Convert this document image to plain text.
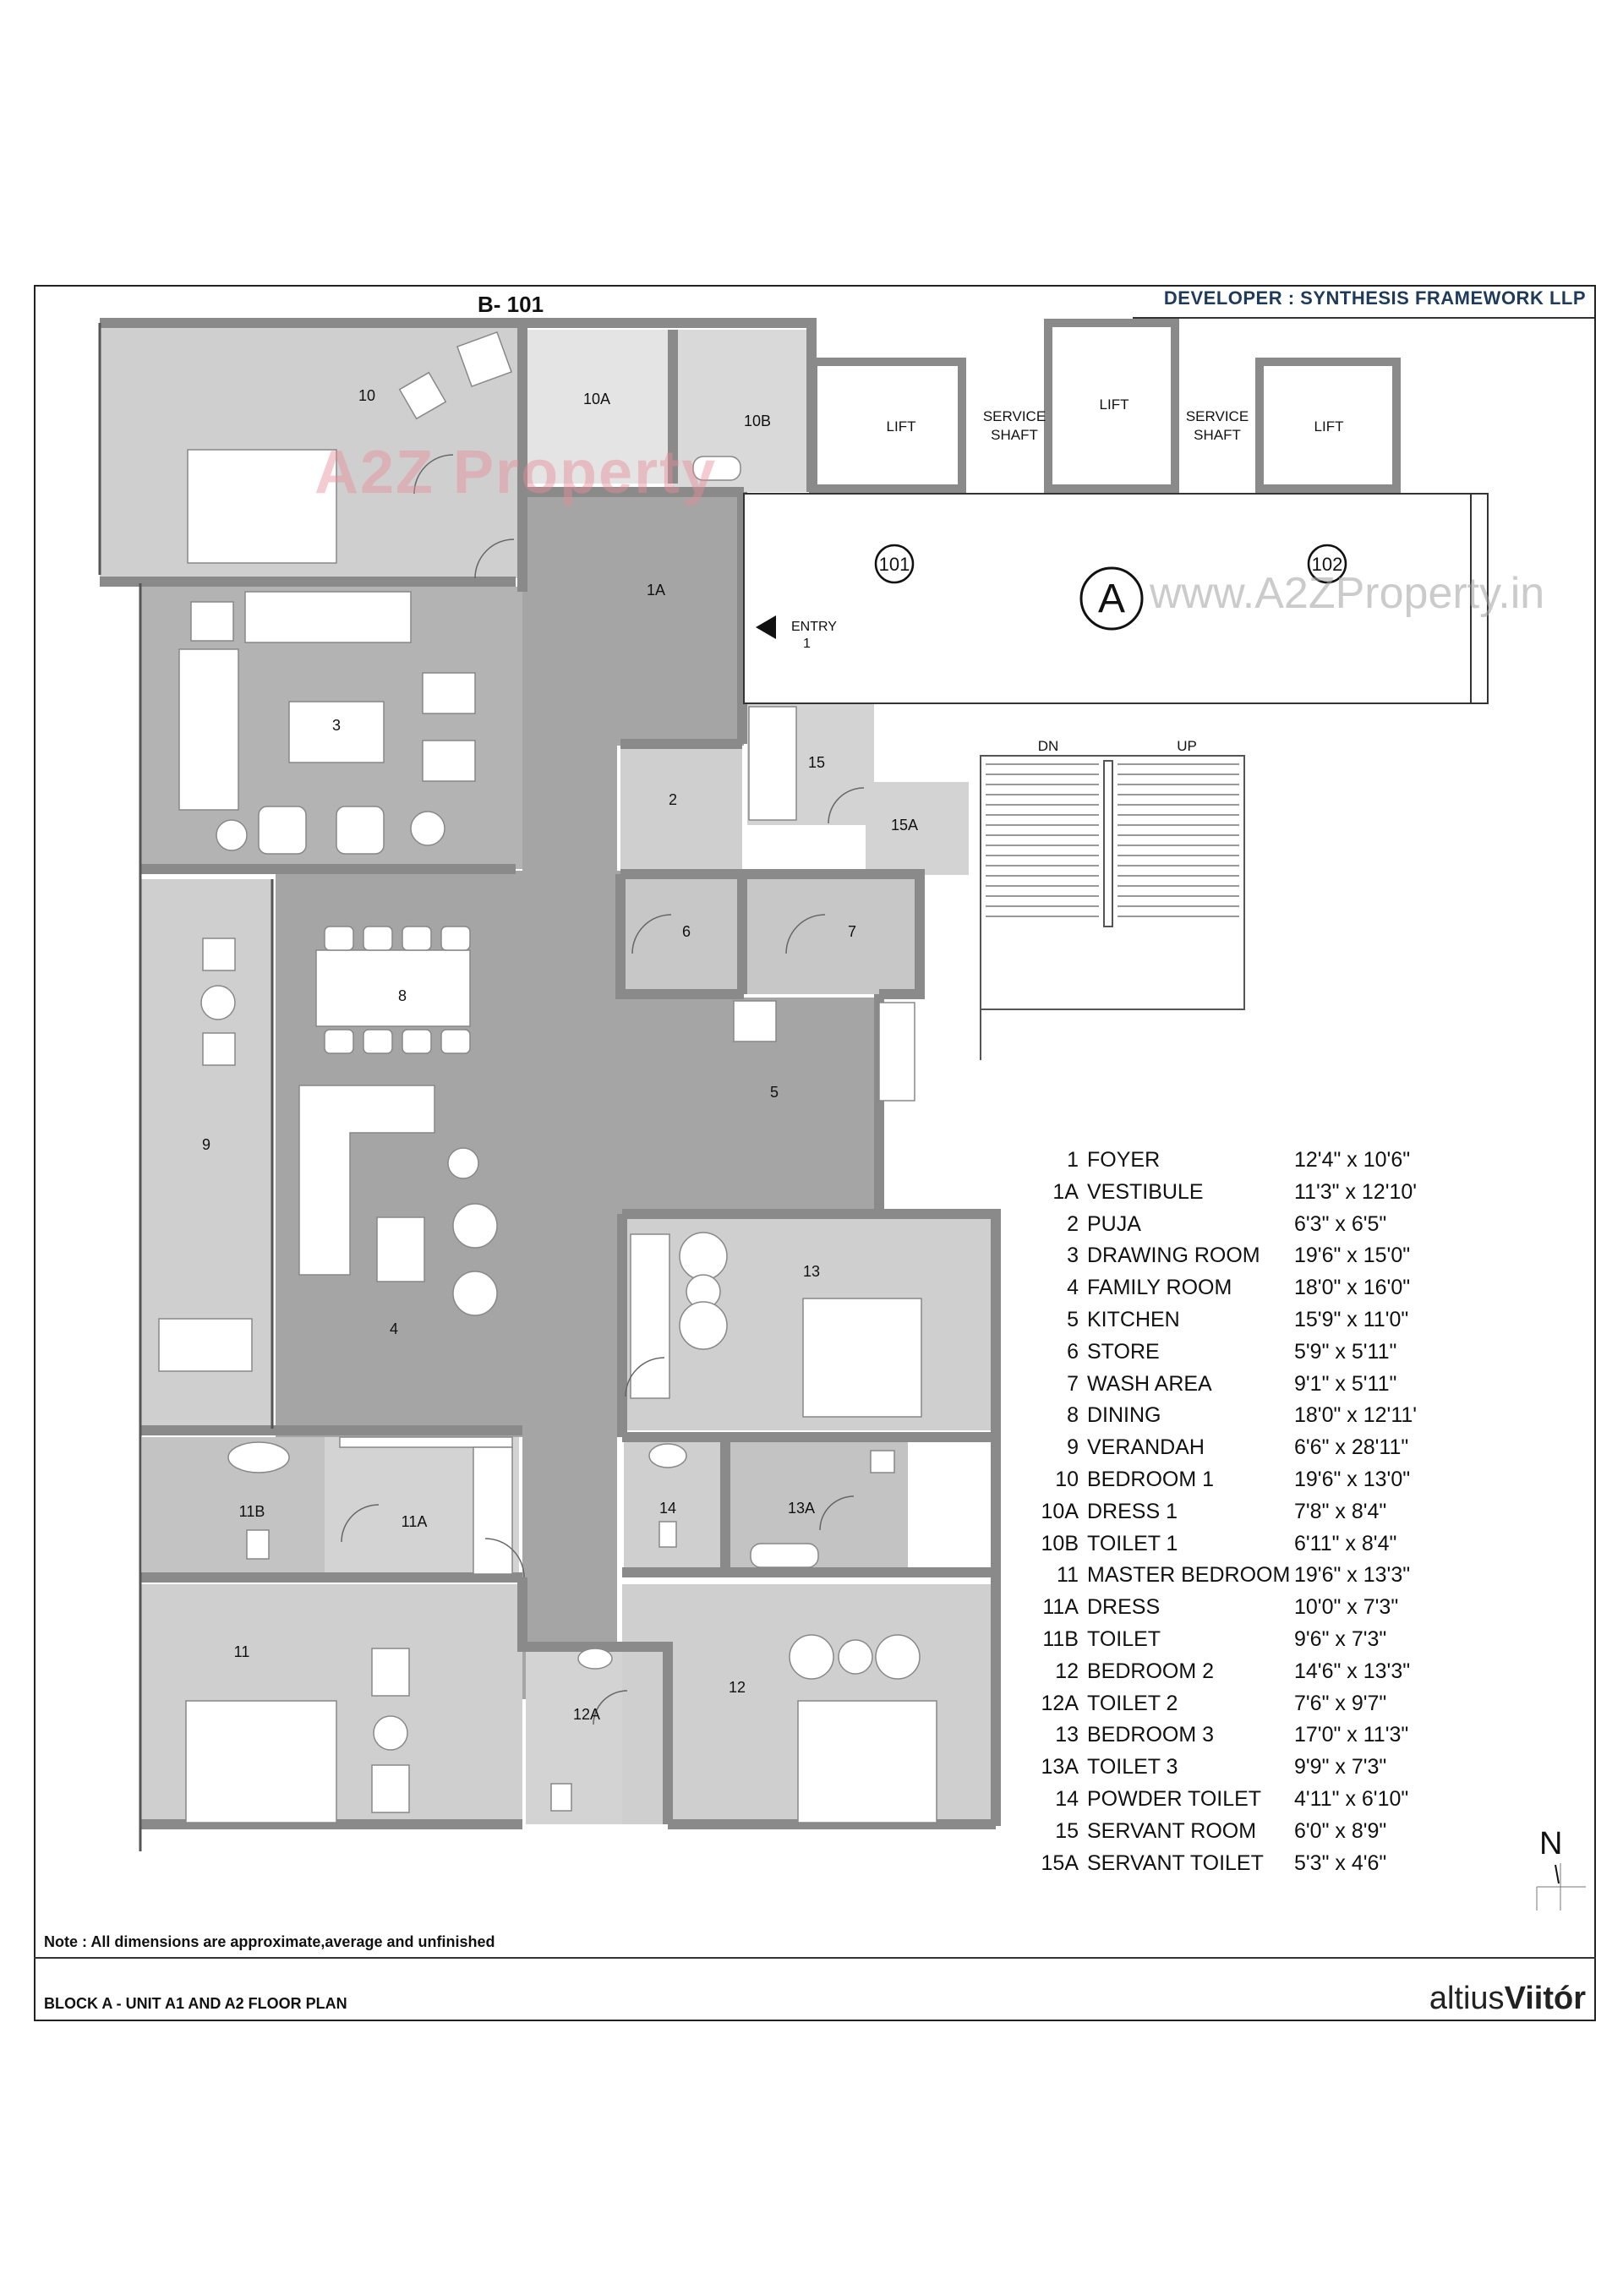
B- 101	DEVELOPER : SYNTHESIS FRAMEWORK LLP
10	10A
10B
1A
3
2
15
15A
6	7
8
9
5
4
13
11B
11A
14	13A
11
12A
12
LIFT
LIFT
LIFT
SERVICE
SHAFT
SERVICE
SHAFT
DN	UP
101	102
A
ENTRY
1
A2Z Property
www.A2ZProperty.in
1 FOYER	12'4" x 10'6"
1A VESTIBULE	11'3" x 12'10'
2 PUJA	6'3" x 6'5"
3 DRAWING ROOM	19'6" x 15'0"
4 FAMILY ROOM	18'0" x 16'0"
5 KITCHEN	15'9" x 11'0"
6 STORE	5'9" x 5'11"
7 WASH AREA	9'1" x 5'11"
8 DINING	18'0" x 12'11'
9 VERANDAH	6'6" x 28'11"
10 BEDROOM 1	19'6" x 13'0"
10A DRESS 1	7'8" x 8'4"
10B TOILET 1	6'11" x 8'4"
11 MASTER BEDROOM 19'6" x 13'3"
11A DRESS	10'0" x 7'3"
11B TOILET	9'6" x 7'3"
12 BEDROOM 2	14'6" x 13'3"
12A TOILET 2	7'6" x 9'7"
13 BEDROOM 3	17'0" x 11'3"
13A TOILET 3	9'9" x 7'3"
14 POWDER TOILET	4'11" x 6'10"
15 SERVANT ROOM	6'0" x 8'9"
15A SERVANT TOILET	5'3" x 4'6"
N
Note : All dimensions are approximate,average and unfinished
BLOCK A - UNIT A1 AND A2 FLOOR PLAN	altiusViitór
